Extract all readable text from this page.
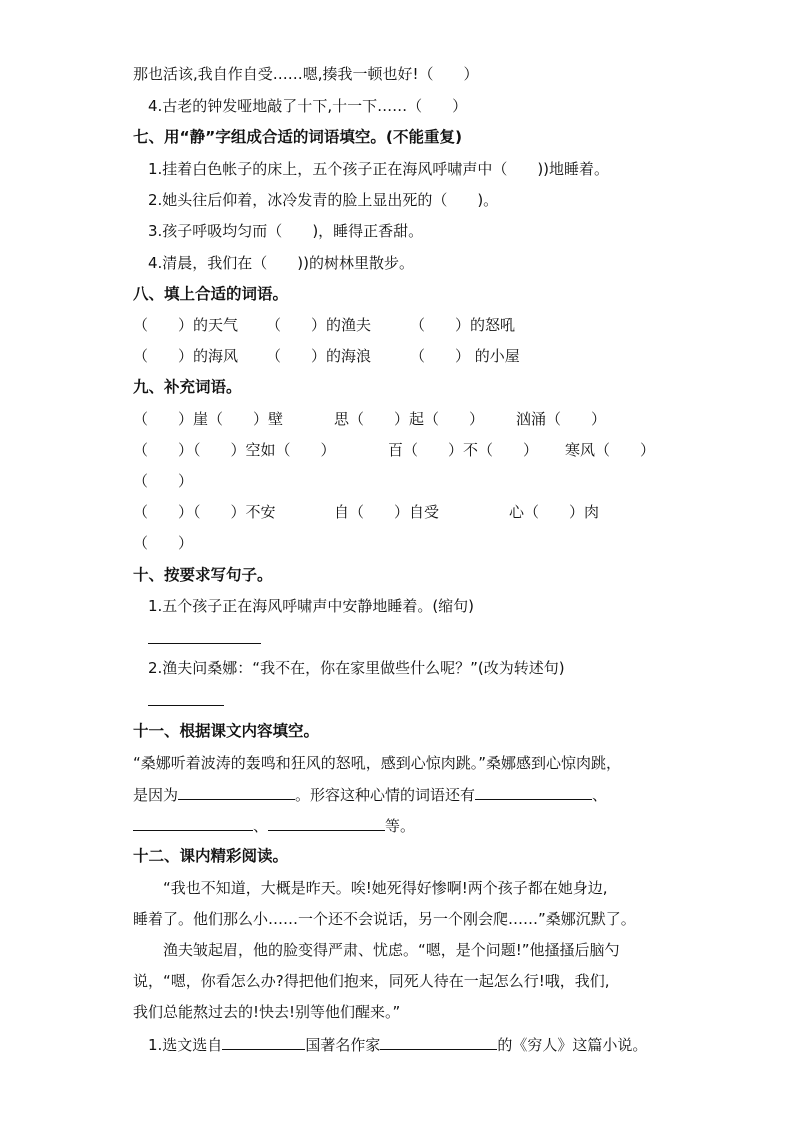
那也活该,我自作自受……嗯,揍我一顿也好!（　　）
4.古老的钟发哑地敲了十下,十一下……（　　）
七、用“静”字组成合适的词语填空。(不能重复)
1.挂着白色帐子的床上，五个孩子正在海风呼啸声中（　　))地睡着。
2.她头往后仰着，冰冷发青的脸上显出死的（　　)。
3.孩子呼吸均匀而（　　)，睡得正香甜。
4.清晨，我们在（　　))的树林里散步。
八、填上合适的词语。
（　　）的天气 （　　）的渔夫	（　　）的怒吼
（　　）的海风 （　　）的海浪	（　　） 的小屋
九、补充词语。
（　　）崖（　　）壁	思（　　）起（　　） 汹涌（　　）
（　　）（　　）空如（　　）	百（　　）不（　　） 寒风（　　）
（　　）
（　　）（　　）不安	自（　　）自受	心（　　）肉
（　　）
十、按要求写句子。
1.五个孩子正在海风呼啸声中安静地睡着。(缩句)
2.渔夫问桑娜：“我不在，你在家里做些什么呢？”(改为转述句)
十一、根据课文内容填空。
“桑娜听着波涛的轰鸣和狂风的怒吼，感到心惊肉跳。”桑娜感到心惊肉跳，
是因为	。形容这种心情的词语还有	、
、	等。
十二、课内精彩阅读。
　　“我也不知道，大概是昨天。唉!她死得好惨啊!两个孩子都在她身边,
睡着了。他们那么小……一个还不会说话，另一个刚会爬……”桑娜沉默了。
　　渔夫皱起眉，他的脸变得严肃、忧虑。“嗯，是个问题!”他搔搔后脑勺
说，“嗯，你看怎么办?得把他们抱来，同死人待在一起怎么行!哦，我们,
我们总能熬过去的!快去!别等他们醒来。”
1.选文选自	国著名作家	的《穷人》这篇小说。
